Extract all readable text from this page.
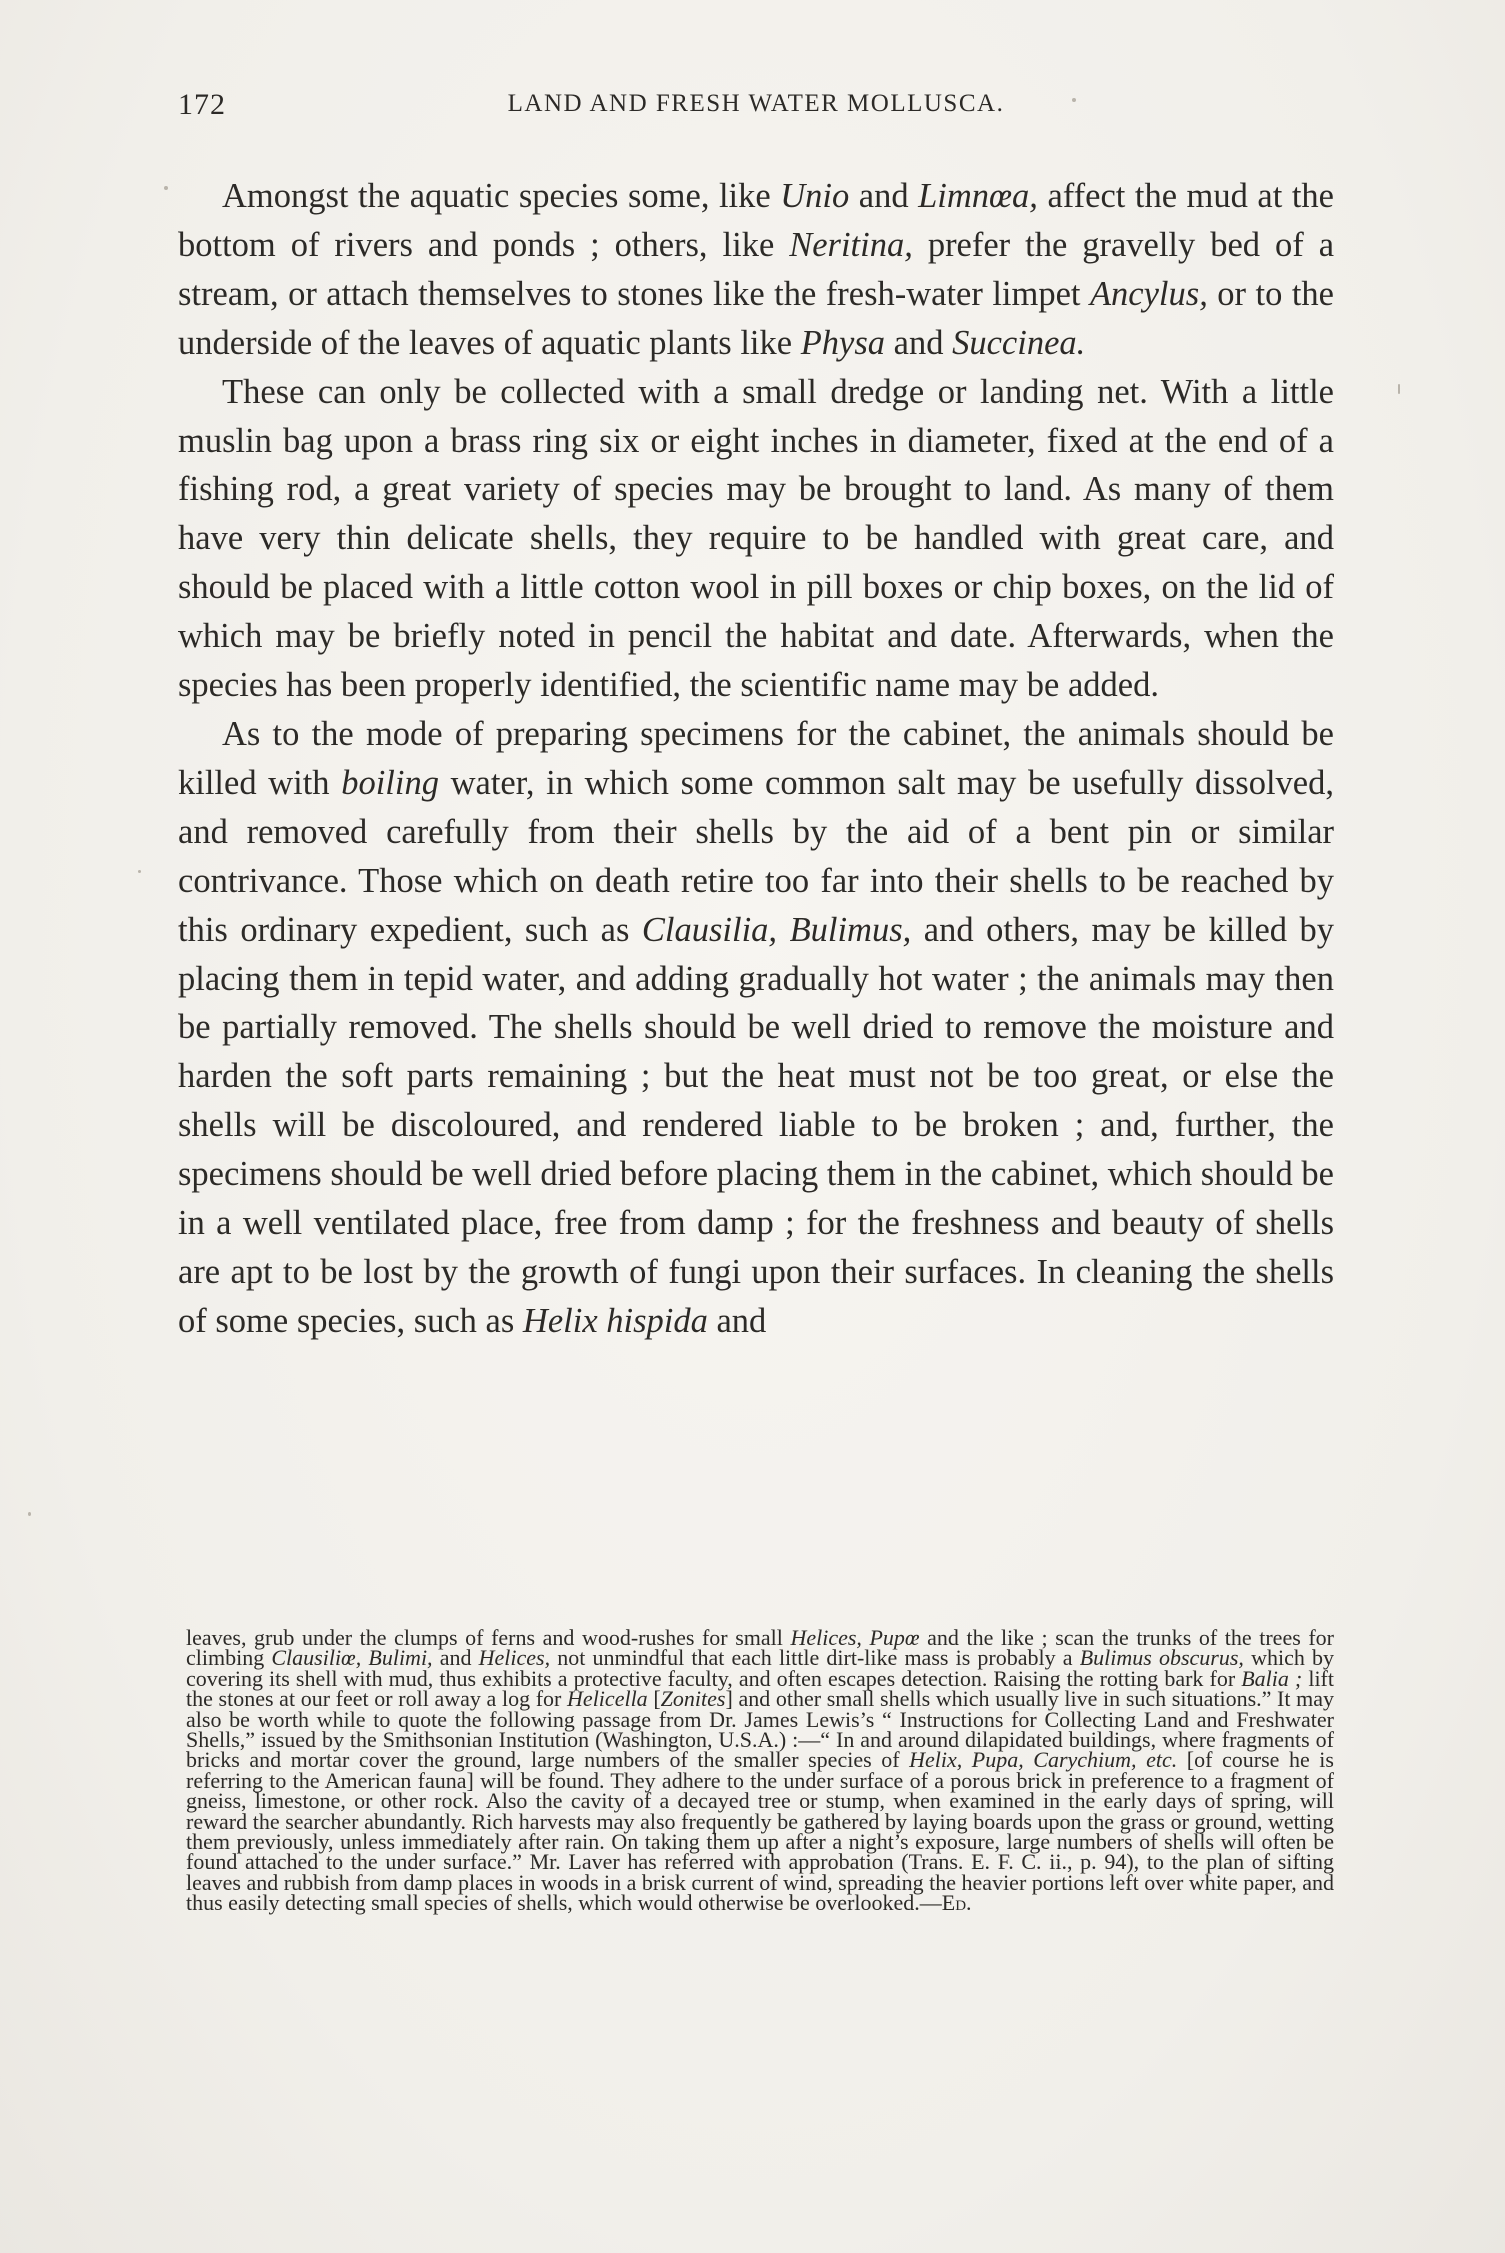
172	LAND AND FRESH WATER MOLLUSCA.

Amongst the aquatic species some, like Unio and Limnœa, affect the mud at the bottom of rivers and ponds ; others, like Neritina, prefer the gravelly bed of a stream, or attach themselves to stones like the fresh-water limpet Ancylus, or to the underside of the leaves of aquatic plants like Physa and Succinea.

These can only be collected with a small dredge or landing net. With a little muslin bag upon a brass ring six or eight inches in diameter, fixed at the end of a fishing rod, a great variety of species may be brought to land. As many of them have very thin delicate shells, they require to be handled with great care, and should be placed with a little cotton wool in pill boxes or chip boxes, on the lid of which may be briefly noted in pencil the habitat and date. Afterwards, when the species has been properly identified, the scientific name may be added.

As to the mode of preparing specimens for the cabinet, the animals should be killed with boiling water, in which some common salt may be usefully dissolved, and removed carefully from their shells by the aid of a bent pin or similar contrivance. Those which on death retire too far into their shells to be reached by this ordinary expedient, such as Clausilia, Bulimus, and others, may be killed by placing them in tepid water, and adding gradually hot water ; the animals may then be partially removed. The shells should be well dried to remove the moisture and harden the soft parts remaining ; but the heat must not be too great, or else the shells will be discoloured, and rendered liable to be broken ; and, further, the specimens should be well dried before placing them in the cabinet, which should be in a well ventilated place, free from damp ; for the freshness and beauty of shells are apt to be lost by the growth of fungi upon their surfaces. In cleaning the shells of some species, such as Helix hispida and

leaves, grub under the clumps of ferns and wood-rushes for small Helices, Pupœ and the like ; scan the trunks of the trees for climbing Clausiliœ, Bulimi, and Helices, not unmindful that each little dirt-like mass is probably a Bulimus obscurus, which by covering its shell with mud, thus exhibits a protective faculty, and often escapes detection. Raising the rotting bark for Balia ; lift the stones at our feet or roll away a log for Helicella [Zonites] and other small shells which usually live in such situations.” It may also be worth while to quote the following passage from Dr. James Lewis’s “ Instructions for Collecting Land and Freshwater Shells,” issued by the Smithsonian Institution (Washington, U.S.A.) :—“ In and around dilapidated buildings, where fragments of bricks and mortar cover the ground, large numbers of the smaller species of Helix, Pupa, Carychium, etc. [of course he is referring to the American fauna] will be found. They adhere to the under surface of a porous brick in preference to a fragment of gneiss, limestone, or other rock. Also the cavity of a decayed tree or stump, when examined in the early days of spring, will reward the searcher abundantly. Rich harvests may also frequently be gathered by laying boards upon the grass or ground, wetting them previously, unless immediately after rain. On taking them up after a night’s exposure, large numbers of shells will often be found attached to the under surface.” Mr. Laver has referred with approbation (Trans. E. F. C. ii., p. 94), to the plan of sifting leaves and rubbish from damp places in woods in a brisk current of wind, spreading the heavier portions left over white paper, and thus easily detecting small species of shells, which would otherwise be overlooked.—Ed.
